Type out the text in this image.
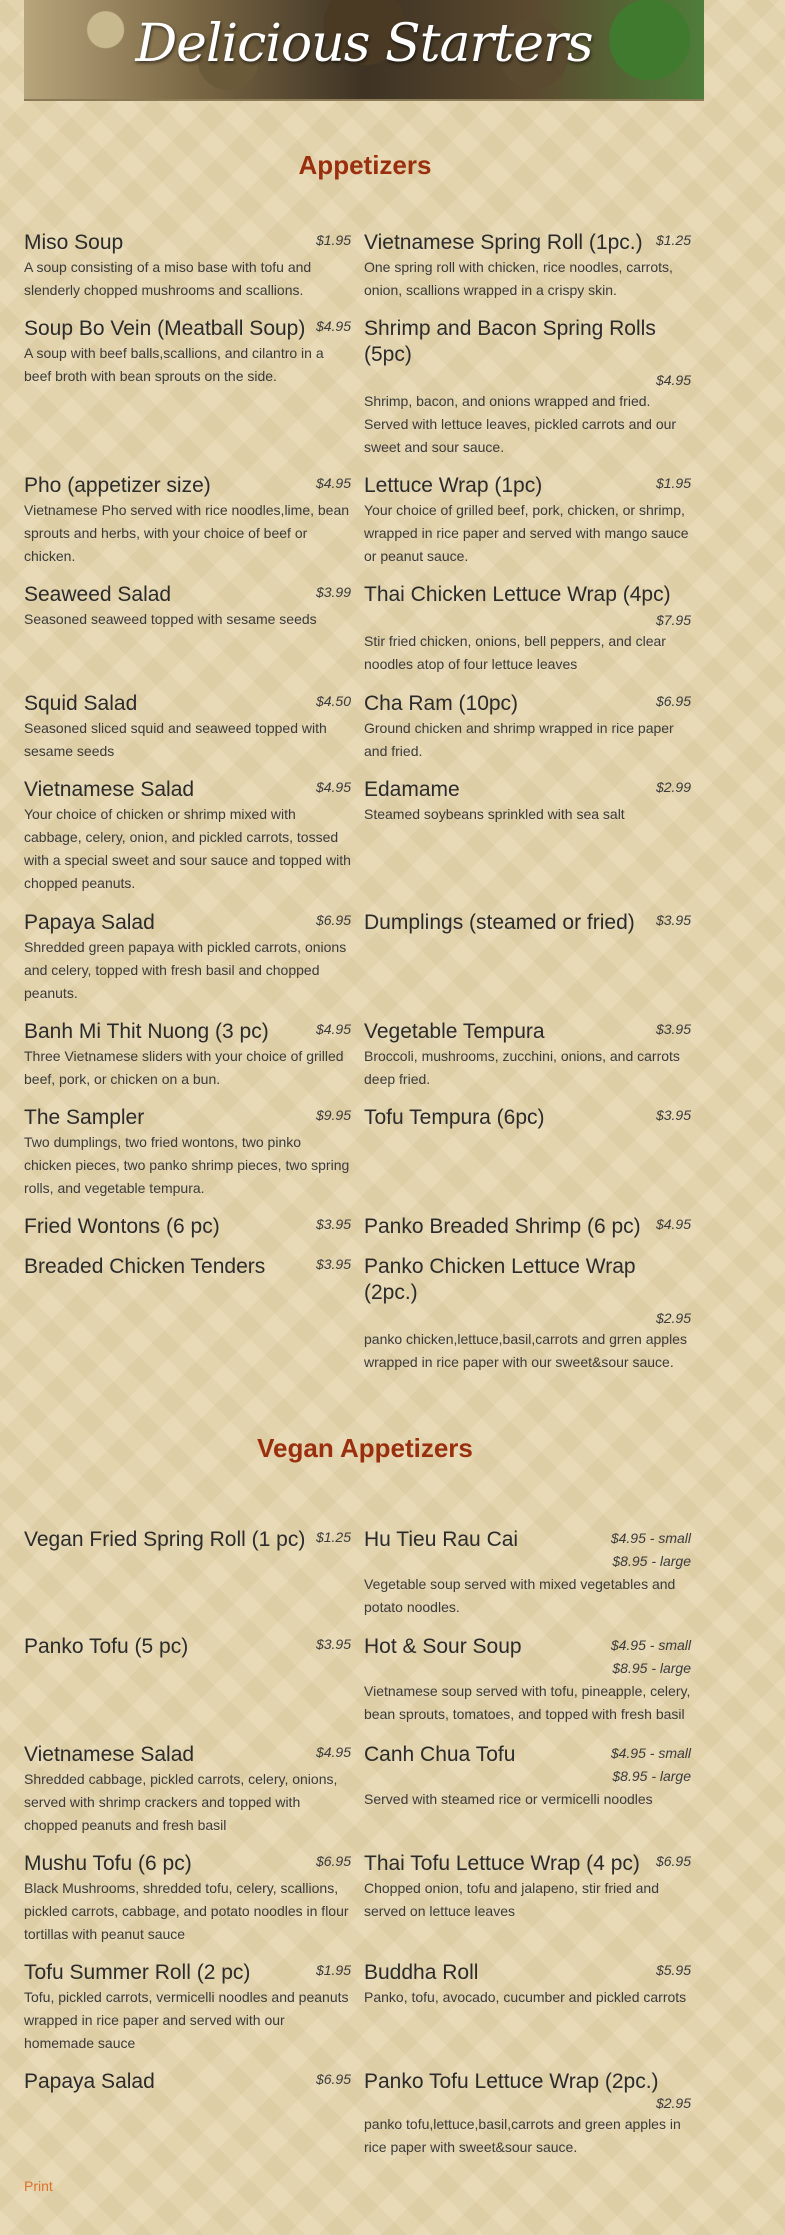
Delicious Starters
Appetizers
Miso Soup	$1.95
A soup consisting of a miso base with tofu and slenderly chopped mushrooms and scallions.
Soup Bo Vein (Meatball Soup) $4.95
A soup with beef balls,scallions, and cilantro in a beef broth with bean sprouts on the side.
Pho (appetizer size)	$4.95
Vietnamese Pho served with rice noodles,lime, bean sprouts and herbs, with your choice of beef or chicken.
Seaweed Salad	$3.99
Seasoned seaweed topped with sesame seeds
Squid Salad	$4.50
Seasoned sliced squid and seaweed topped with sesame seeds
Vietnamese Salad	$4.95
Your choice of chicken or shrimp mixed with cabbage, celery, onion, and pickled carrots, tossed with a special sweet and sour sauce and topped with chopped peanuts.
Papaya Salad	$6.95
Shredded green papaya with pickled carrots, onions and celery, topped with fresh basil and chopped peanuts.
Banh Mi Thit Nuong (3 pc)	$4.95
Three Vietnamese sliders with your choice of grilled beef, pork, or chicken on a bun.
The Sampler	$9.95
Two dumplings, two fried wontons, two pinko chicken pieces, two panko shrimp pieces, two spring rolls, and vegetable tempura.
Fried Wontons (6 pc)	$3.95
Breaded Chicken Tenders	$3.95
Vietnamese Spring Roll (1pc.) $1.25
One spring roll with chicken, rice noodles, carrots, onion, scallions wrapped in a crispy skin.
Shrimp and Bacon Spring Rolls (5pc)
$4.95
Shrimp, bacon, and onions wrapped and fried. Served with lettuce leaves, pickled carrots and our sweet and sour sauce.
Lettuce Wrap (1pc)	$1.95
Your choice of grilled beef, pork, chicken, or shrimp, wrapped in rice paper and served with mango sauce or peanut sauce.
Thai Chicken Lettuce Wrap (4pc)
$7.95
Stir fried chicken, onions, bell peppers, and clear noodles atop of four lettuce leaves
Cha Ram (10pc)	$6.95
Ground chicken and shrimp wrapped in rice paper and fried.
Edamame	$2.99
Steamed soybeans sprinkled with sea salt
Dumplings (steamed or fried)	$3.95
Vegetable Tempura	$3.95
Broccoli, mushrooms, zucchini, onions, and carrots deep fried.
Tofu Tempura (6pc)	$3.95
Panko Breaded Shrimp (6 pc)	$4.95
Panko Chicken Lettuce Wrap (2pc.)
$2.95
panko chicken,lettuce,basil,carrots and grren apples wrapped in rice paper with our sweet&sour sauce.
Vegan Appetizers
Vegan Fried Spring Roll (1 pc) $1.25
Panko Tofu (5 pc)	$3.95
Vietnamese Salad	$4.95
Shredded cabbage, pickled carrots, celery, onions, served with shrimp crackers and topped with chopped peanuts and fresh basil
Mushu Tofu (6 pc)	$6.95
Black Mushrooms, shredded tofu, celery, scallions, pickled carrots, cabbage, and potato noodles in flour tortillas with peanut sauce
Tofu Summer Roll (2 pc)	$1.95
Tofu, pickled carrots, vermicelli noodles and peanuts wrapped in rice paper and served with our homemade sauce
Papaya Salad	$6.95
Hu Tieu Rau Cai	$4.95 - small
$8.95 - large
Vegetable soup served with mixed vegetables and potato noodles.
Hot & Sour Soup	$4.95 - small
$8.95 - large
Vietnamese soup served with tofu, pineapple, celery, bean sprouts, tomatoes, and topped with fresh basil
Canh Chua Tofu	$4.95 - small
$8.95 - large
Served with steamed rice or vermicelli noodles
Thai Tofu Lettuce Wrap (4 pc)	$6.95
Chopped onion, tofu and jalapeno, stir fried and served on lettuce leaves
Buddha Roll	$5.95
Panko, tofu, avocado, cucumber and pickled carrots
Panko Tofu Lettuce Wrap (2pc.)
$2.95
panko tofu,lettuce,basil,carrots and green apples in rice paper with sweet&sour sauce.
Print
